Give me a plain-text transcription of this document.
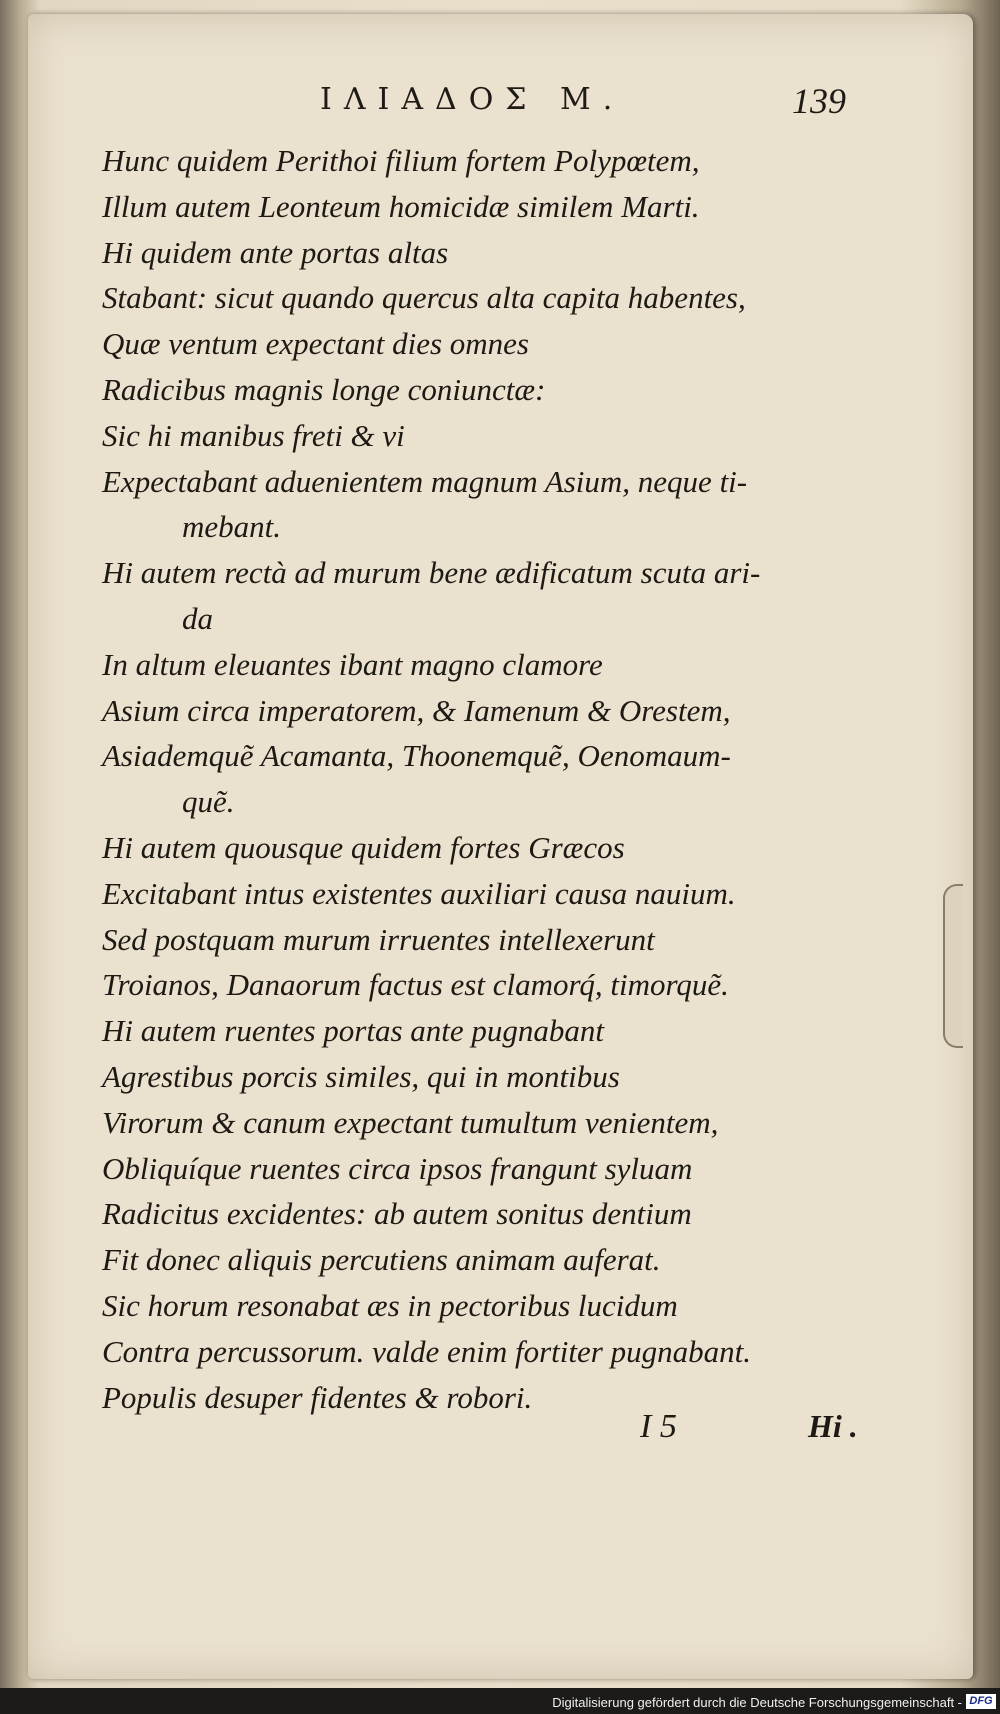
ΙΛΙΑΔΟΣ Μ.	139
Hunc quidem Perithoi filium fortem Polypœtem,
Illum autem Leonteum homicidæ similem Marti.
Hi quidem ante portas altas
Stabant: sicut quando quercus alta capita habentes,
Quæ ventum expectant dies omnes
Radicibus magnis longe coniunctæ:
Sic hi manibus freti & vi
Expectabant aduenientem magnum Asium, neque ti-
mebant.
Hi autem rectà ad murum bene ædificatum scuta ari-
da
In altum eleuantes ibant magno clamore
Asium circa imperatorem, & Iamenum & Orestem,
Asiademquẽ Acamanta, Thoonemquẽ, Oenomaum-
quẽ.
Hi autem quousque quidem fortes Græcos
Excitabant intus existentes auxiliari causa nauium.
Sed postquam murum irruentes intellexerunt
Troianos, Danaorum factus est clamorq́, timorquẽ.
Hi autem ruentes portas ante pugnabant
Agrestibus porcis similes, qui in montibus
Virorum & canum expectant tumultum venientem,
Obliquíque ruentes circa ipsos frangunt syluam
Radicitus excidentes: ab autem sonitus dentium
Fit donec aliquis percutiens animam auferat.
Sic horum resonabat æs in pectoribus lucidum
Contra percussorum. valde enim fortiter pugnabant.
Populis desuper fidentes & robori.
I 5	Hi .
Digitalisierung gefördert durch die Deutsche Forschungsgemeinschaft - DFG
